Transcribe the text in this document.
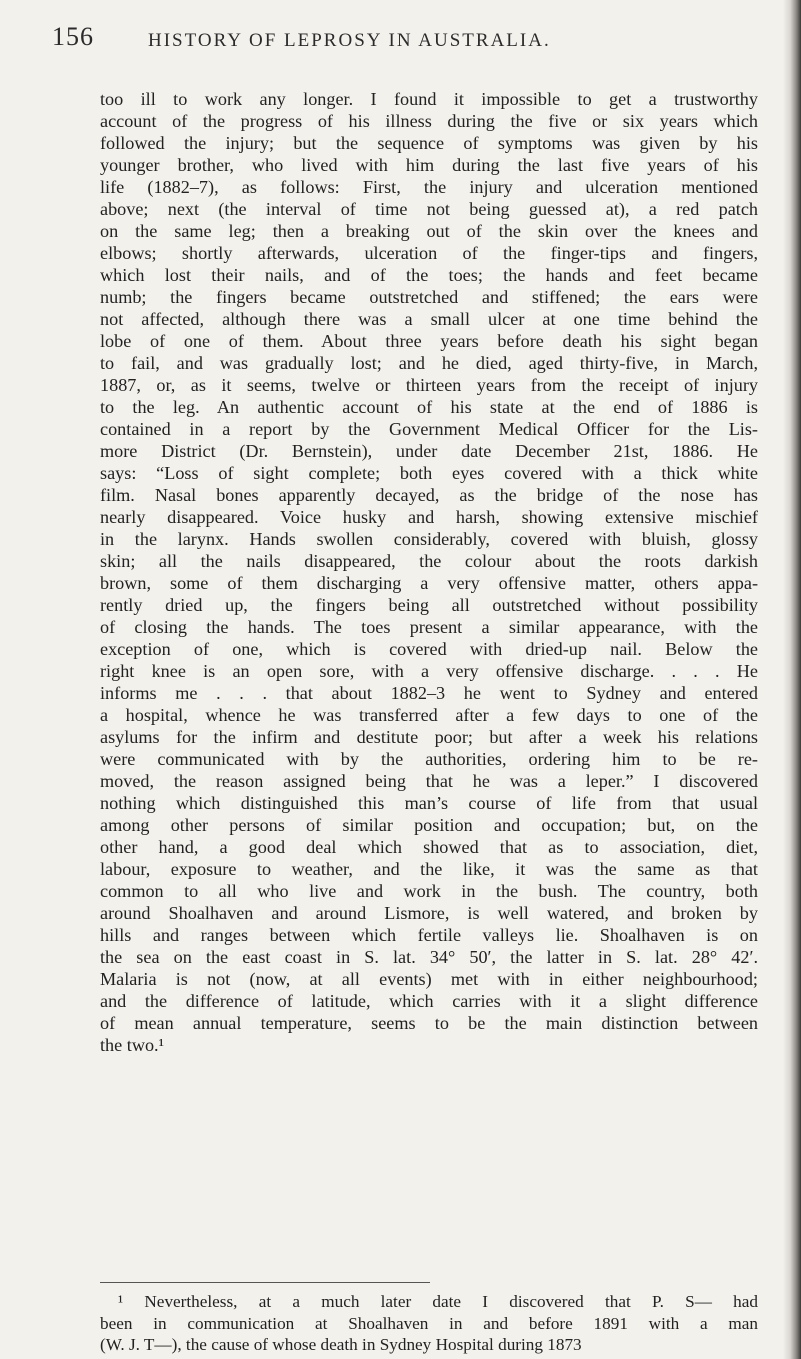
156	HISTORY OF LEPROSY IN AUSTRALIA.
too ill to work any longer. I found it impossible to get a trustworthy
account of the progress of his illness during the five or six years which
followed the injury; but the sequence of symptoms was given by his
younger brother, who lived with him during the last five years of his
life (1882–7), as follows: First, the injury and ulceration mentioned
above; next (the interval of time not being guessed at), a red patch
on the same leg; then a breaking out of the skin over the knees and
elbows; shortly afterwards, ulceration of the finger-tips and fingers,
which lost their nails, and of the toes; the hands and feet became
numb; the fingers became outstretched and stiffened; the ears were
not affected, although there was a small ulcer at one time behind the
lobe of one of them. About three years before death his sight began
to fail, and was gradually lost; and he died, aged thirty-five, in March,
1887, or, as it seems, twelve or thirteen years from the receipt of injury
to the leg. An authentic account of his state at the end of 1886 is
contained in a report by the Government Medical Officer for the Lis-
more District (Dr. Bernstein), under date December 21st, 1886. He
says: “Loss of sight complete; both eyes covered with a thick white
film. Nasal bones apparently decayed, as the bridge of the nose has
nearly disappeared. Voice husky and harsh, showing extensive mischief
in the larynx. Hands swollen considerably, covered with bluish, glossy
skin; all the nails disappeared, the colour about the roots darkish
brown, some of them discharging a very offensive matter, others appa-
rently dried up, the fingers being all outstretched without possibility
of closing the hands. The toes present a similar appearance, with the
exception of one, which is covered with dried-up nail. Below the
right knee is an open sore, with a very offensive discharge. . . . He
informs me . . . that about 1882–3 he went to Sydney and entered
a hospital, whence he was transferred after a few days to one of the
asylums for the infirm and destitute poor; but after a week his relations
were communicated with by the authorities, ordering him to be re-
moved, the reason assigned being that he was a leper.” I discovered
nothing which distinguished this man’s course of life from that usual
among other persons of similar position and occupation; but, on the
other hand, a good deal which showed that as to association, diet,
labour, exposure to weather, and the like, it was the same as that
common to all who live and work in the bush. The country, both
around Shoalhaven and around Lismore, is well watered, and broken by
hills and ranges between which fertile valleys lie. Shoalhaven is on
the sea on the east coast in S. lat. 34° 50′, the latter in S. lat. 28° 42′.
Malaria is not (now, at all events) met with in either neighbourhood;
and the difference of latitude, which carries with it a slight difference
of mean annual temperature, seems to be the main distinction between
the two.¹
¹ Nevertheless, at a much later date I discovered that P. S— had
been in communication at Shoalhaven in and before 1891 with a man
(W. J. T—), the cause of whose death in Sydney Hospital during 1873
